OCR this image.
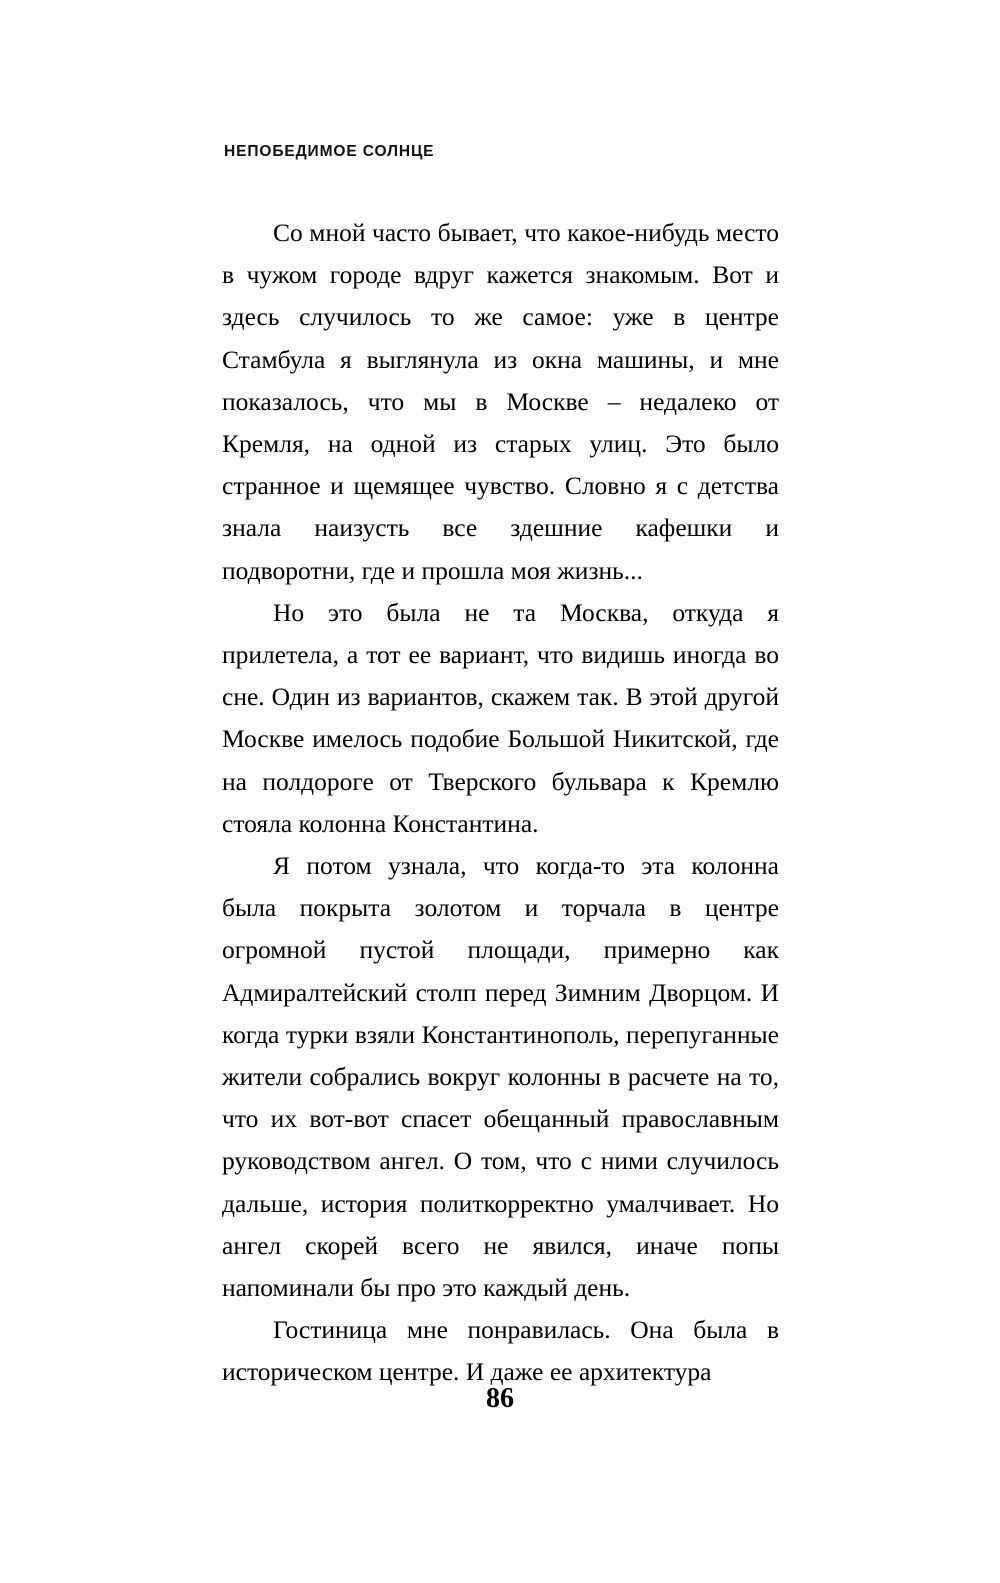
НЕПОБЕДИМОЕ СОЛНЦЕ

Со мной часто бывает, что какое-нибудь место в чужом городе вдруг кажется знакомым. Вот и здесь случилось то же самое: уже в центре Стамбула я выглянула из окна машины, и мне показалось, что мы в Москве – недалеко от Кремля, на одной из старых улиц. Это было странное и щемящее чувство. Словно я с детства знала наизусть все здешние кафешки и подворотни, где и прошла моя жизнь...

Но это была не та Москва, откуда я прилетела, а тот ее вариант, что видишь иногда во сне. Один из вариантов, скажем так. В этой другой Москве имелось подобие Большой Никитской, где на полдороге от Тверского бульвара к Кремлю стояла колонна Константина.

Я потом узнала, что когда-то эта колонна была покрыта золотом и торчала в центре огромной пустой площади, примерно как Адмиралтейский столп перед Зимним Дворцом. И когда турки взяли Константинополь, перепуганные жители собрались вокруг колонны в расчете на то, что их вот-вот спасет обещанный православным руководством ангел. О том, что с ними случилось дальше, история политкорректно умалчивает. Но ангел скорей всего не явился, иначе попы напоминали бы про это каждый день.

Гостиница мне понравилась. Она была в историческом центре. И даже ее архитектура

86
